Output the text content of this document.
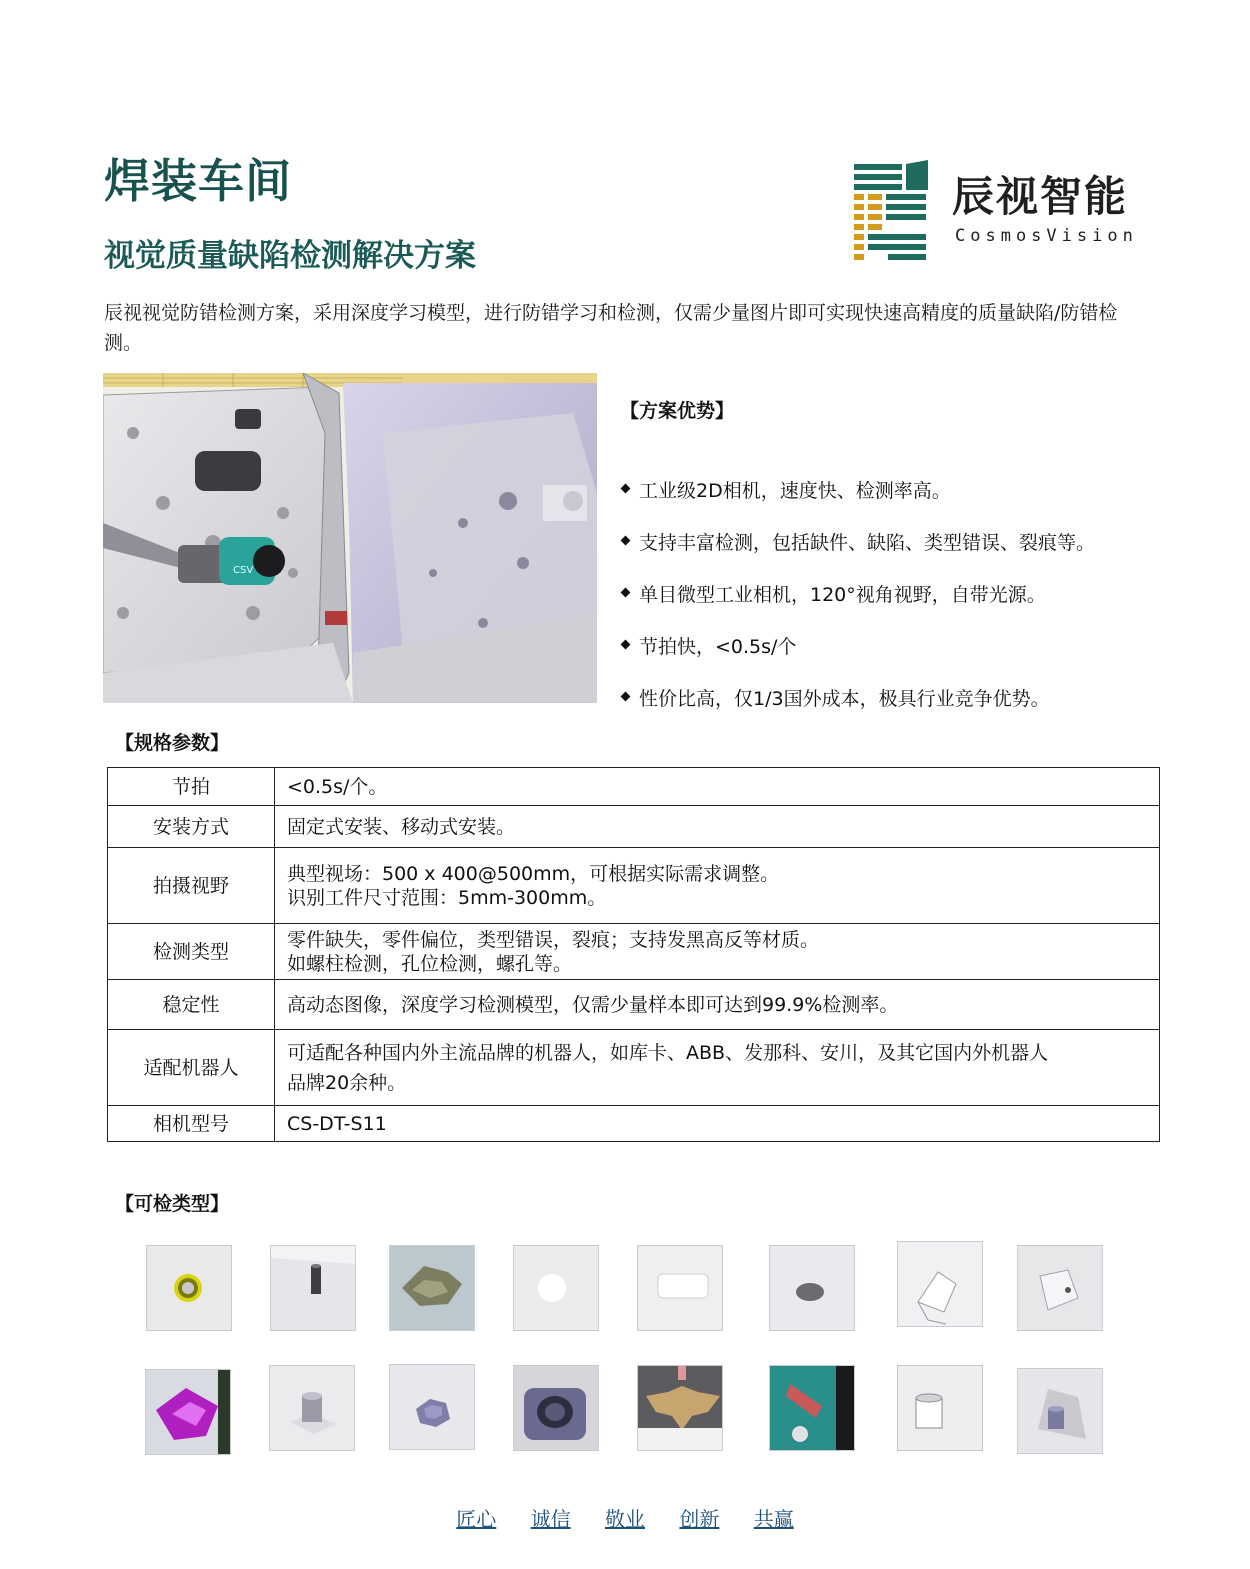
焊装车间
视觉质量缺陷检测解决方案
辰视智能
CosmosVision
辰视视觉防错检测方案，采用深度学习模型，进行防错学习和检测，仅需少量图片即可实现快速高精度的质量缺陷/防错检测。
CSV
【方案优势】
工业级2D相机，速度快、检测率高。
支持丰富检测，包括缺件、缺陷、类型错误、裂痕等。
单目微型工业相机，120°视角视野，自带光源。
节拍快，<0.5s/个
性价比高，仅1/3国外成本，极具行业竞争优势。
【规格参数】
节拍	<0.5s/个。
安装方式	固定式安装、移动式安装。
拍摄视野	典型视场：500 x 400@500mm，可根据实际需求调整。
识别工件尺寸范围：5mm-300mm。

检测类型	零件缺失，零件偏位，类型错误，裂痕；支持发黑高反等材质。
如螺柱检测，孔位检测，螺孔等。

稳定性	高动态图像，深度学习检测模型，仅需少量样本即可达到99.9%检测率。
适配机器人	可适配各种国内外主流品牌的机器人，如库卡、ABB、发那科、安川，及其它国内外机器人
品牌20余种。

相机型号	CS-DT-S11
【可检类型】
匠心 诚信 敬业 创新 共赢
